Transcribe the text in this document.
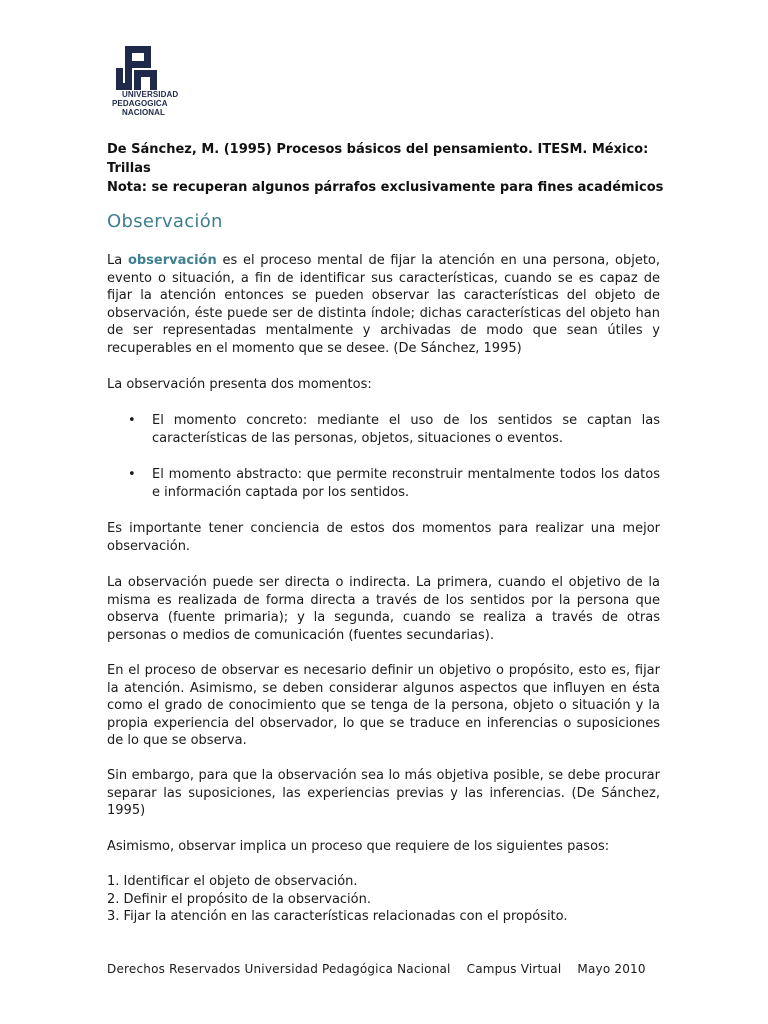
UNIVERSIDAD
PEDAGOGICA
NACIONAL
De Sánchez, M. (1995) Procesos básicos del pensamiento. ITESM. México: Trillas
Nota: se recuperan algunos párrafos exclusivamente para fines académicos
Observación

La observación es el proceso mental de fijar la atención en una persona, objeto, evento o situación, a fin de identificar sus características, cuando se es capaz de fijar la atención entonces se pueden observar las características del objeto de observación, éste puede ser de distinta índole; dichas características del objeto han de ser representadas mentalmente y archivadas de modo que sean útiles y recuperables en el momento que se desee. (De Sánchez, 1995)

La observación presenta dos momentos:

• El momento concreto: mediante el uso de los sentidos se captan las características de las personas, objetos, situaciones o eventos.
• El momento abstracto: que permite reconstruir mentalmente todos los datos e información captada por los sentidos.

Es importante tener conciencia de estos dos momentos para realizar una mejor observación.

La observación puede ser directa o indirecta. La primera, cuando el objetivo de la misma es realizada de forma directa a través de los sentidos por la persona que observa (fuente primaria); y la segunda, cuando se realiza a través de otras personas o medios de comunicación (fuentes secundarias).

En el proceso de observar es necesario definir un objetivo o propósito, esto es, fijar la atención. Asimismo, se deben considerar algunos aspectos que influyen en ésta como el grado de conocimiento que se tenga de la persona, objeto o situación y la propia experiencia del observador, lo que se traduce en inferencias o suposiciones de lo que se observa.

Sin embargo, para que la observación sea lo más objetiva posible, se debe procurar separar las suposiciones, las experiencias previas y las inferencias. (De Sánchez, 1995)

Asimismo, observar implica un proceso que requiere de los siguientes pasos:

1. Identificar el objeto de observación.
2. Definir el propósito de la observación.
3. Fijar la atención en las características relacionadas con el propósito.
Derechos Reservados Universidad Pedagógica Nacional    Campus Virtual    Mayo 2010
